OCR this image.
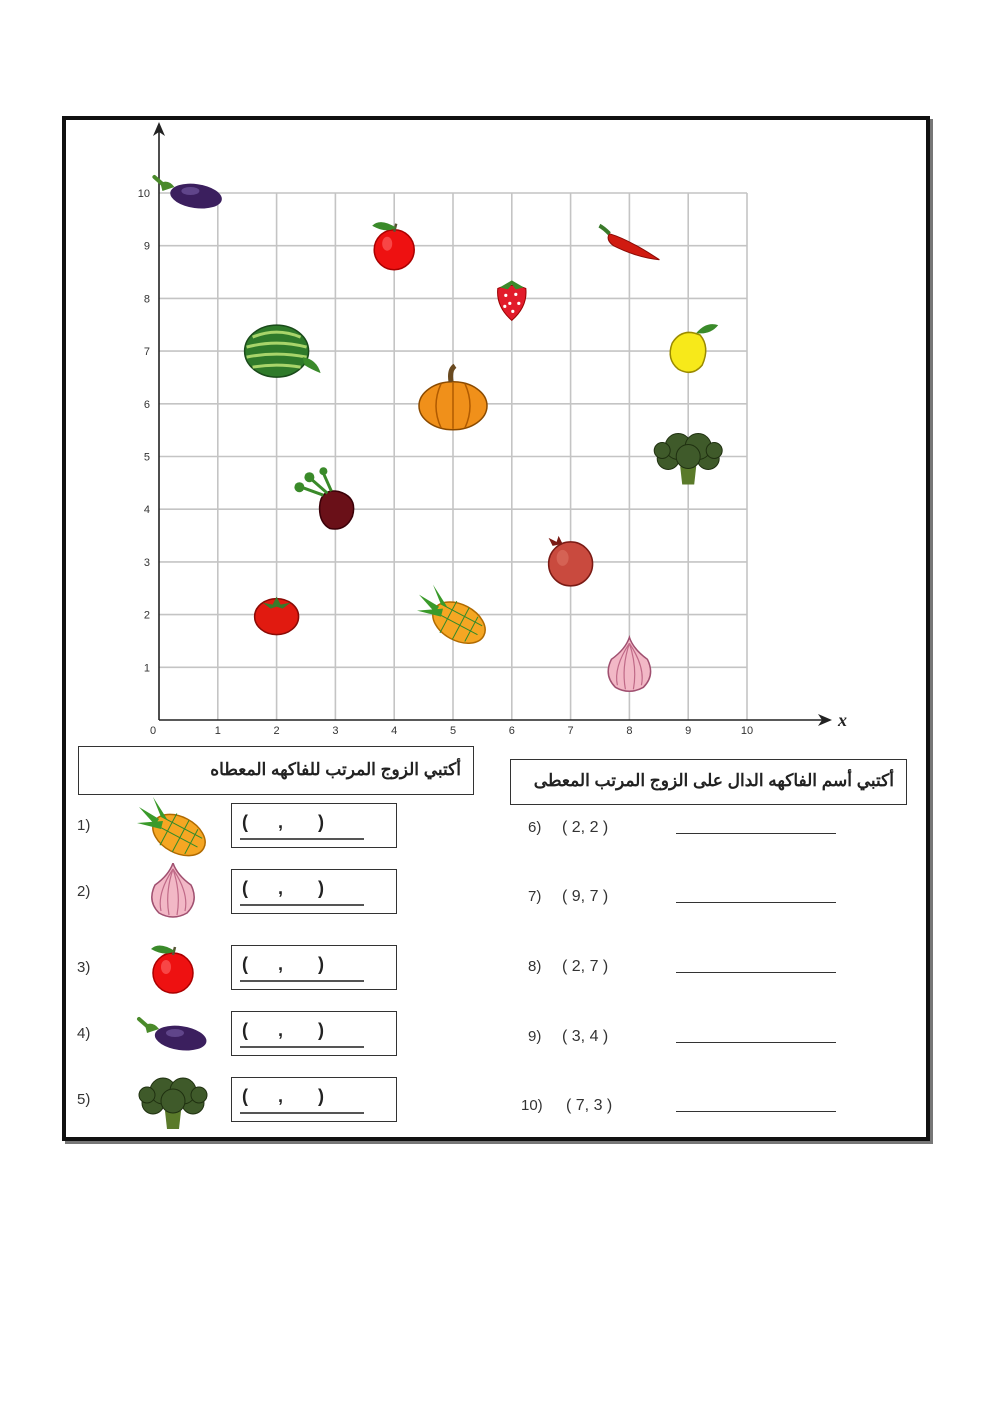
x
0	1	2	3	4	5	6	7	8	9	10
1
2
3
4
5
6
7
8
9
10
أكتبي الزوج المرتب للفاكهه المعطاه
1)	(      ,       )
2)	(      ,       )
3)	(      ,       )
4)	(      ,       )
5)	(      ,       )
أكتبي أسم الفاكهه الدال على الزوج المرتب المعطى
6) ( 2, 2 )
7) ( 9, 7 )
8) ( 2, 7 )
9) ( 3, 4 )
10) ( 7, 3 )
